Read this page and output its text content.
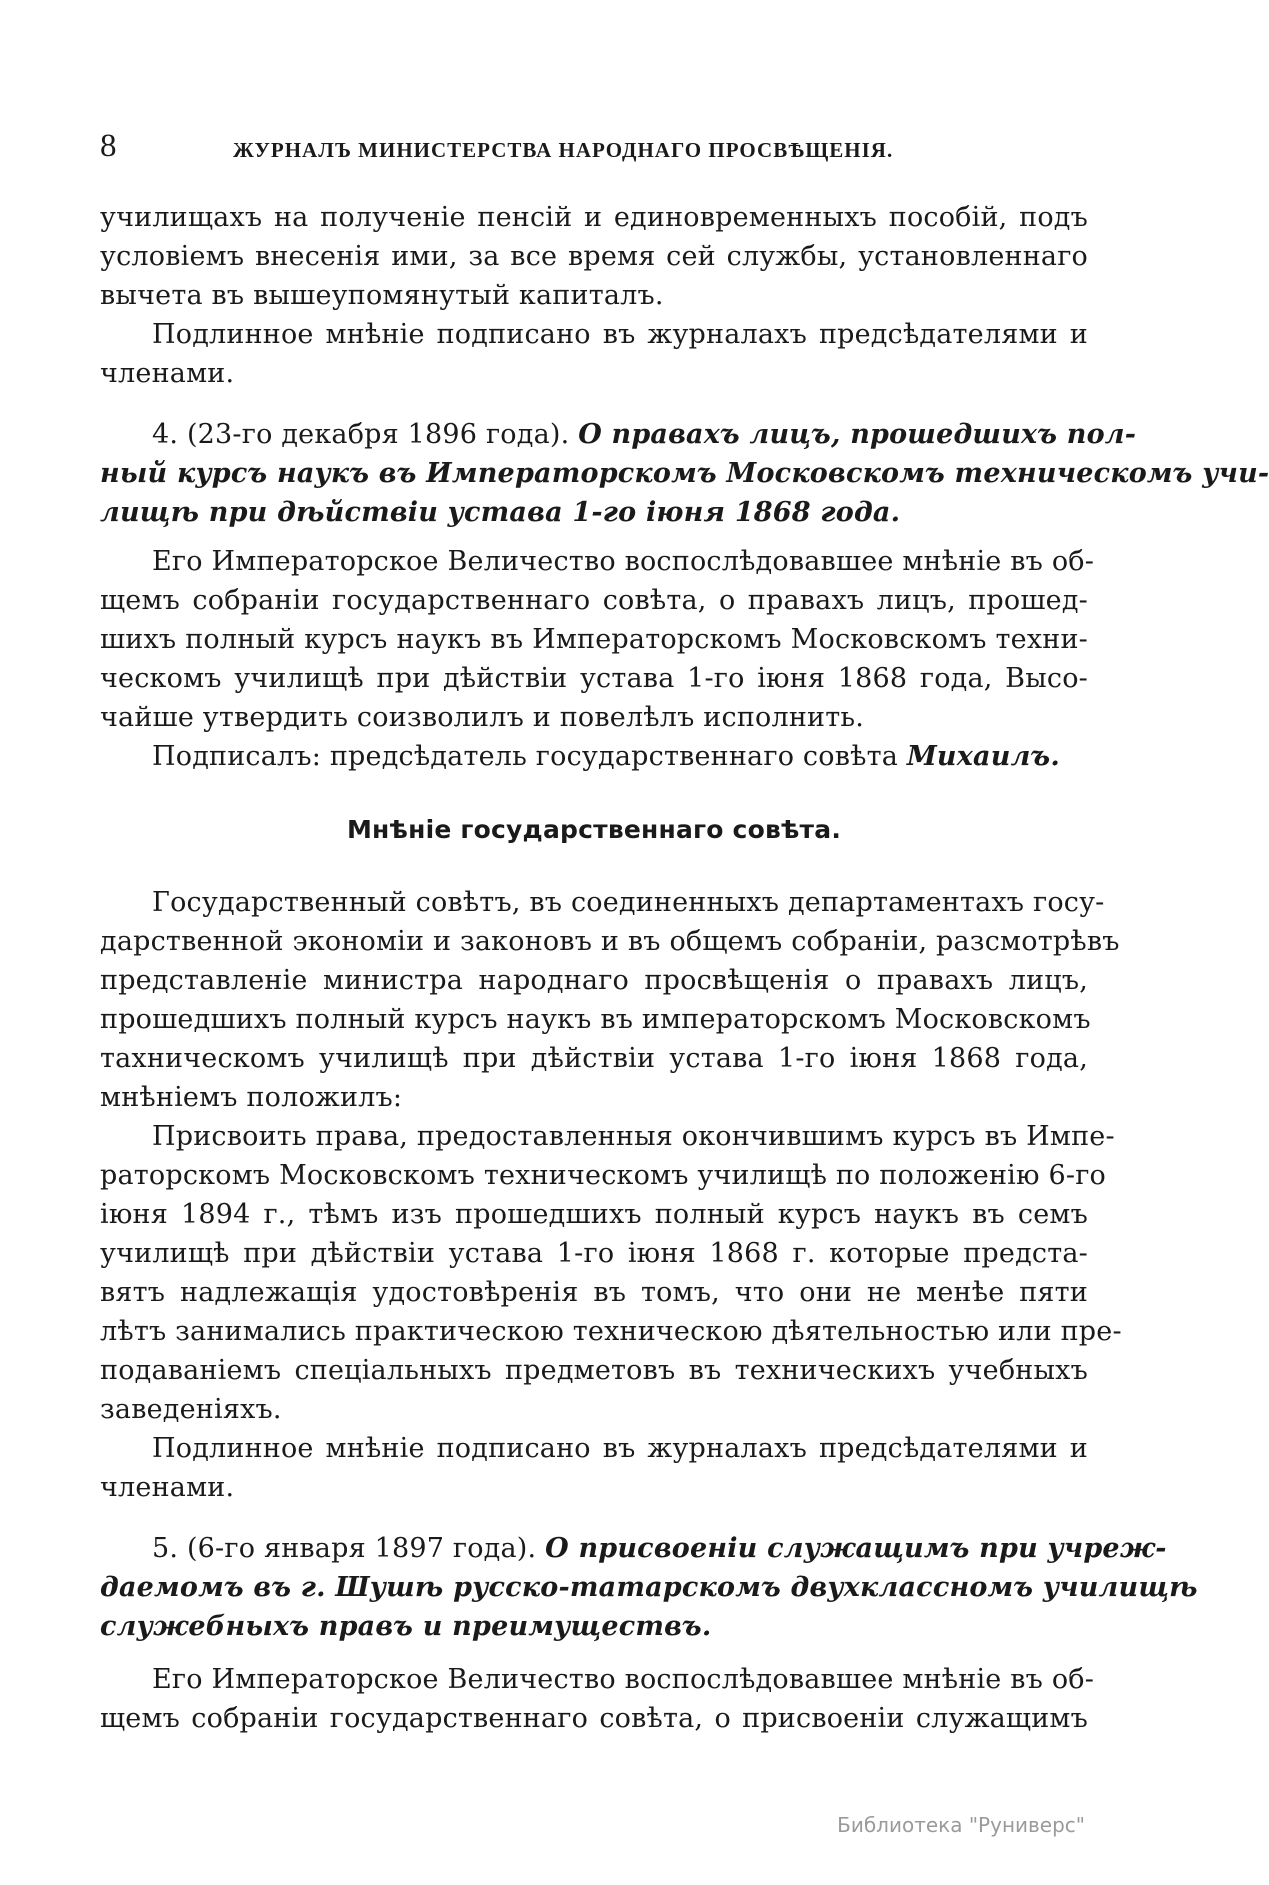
8	ЖУРНАЛЪ МИНИСТЕРСТВА НАРОДНАГО ПРОСВѢЩЕНІЯ.
училищахъ на полученіе пенсій и единовременныхъ пособій, подъ
условіемъ внесенія ими, за все время сей службы, установленнаго
вычета въ вышеупомянутый капиталъ.
Подлинное мнѣніе подписано въ журналахъ предсѣдателями и
членами.
4. (23-го декабря 1896 года). О правахъ лицъ, прошедшихъ пол-
ный курсъ наукъ въ Императорскомъ Московскомъ техническомъ учи-
лищѣ при дѣйствіи устава 1-го іюня 1868 года.
Его Императорское Величество воспослѣдовавшее мнѣніе въ об-
щемъ собраніи государственнаго совѣта, о правахъ лицъ, прошед-
шихъ полный курсъ наукъ въ Императорскомъ Московскомъ техни-
ческомъ училищѣ при дѣйствіи устава 1-го іюня 1868 года, Высо-
чайше утвердить соизволилъ и повелѣлъ исполнить.
Подписалъ: предсѣдатель государственнаго совѣта Михаилъ.
Мнѣніе государственнаго совѣта.
Государственный совѣтъ, въ соединенныхъ департаментахъ госу-
дарственной экономіи и законовъ и въ общемъ собраніи, разсмотрѣвъ
представленіе министра народнаго просвѣщенія о правахъ лицъ,
прошедшихъ полный курсъ наукъ въ императорскомъ Московскомъ
тахническомъ училищѣ при дѣйствіи устава 1-го іюня 1868 года,
мнѣніемъ положилъ:
Присвоить права, предоставленныя окончившимъ курсъ въ Импе-
раторскомъ Московскомъ техническомъ училищѣ по положенію 6-го
іюня 1894 г., тѣмъ изъ прошедшихъ полный курсъ наукъ въ семъ
училищѣ при дѣйствіи устава 1-го іюня 1868 г. которые предста-
вятъ надлежащія удостовѣренія въ томъ, что они не менѣе пяти
лѣтъ занимались практическою техническою дѣятельностью или пре-
подаваніемъ спеціальныхъ предметовъ въ техническихъ учебныхъ
заведеніяхъ.
Подлинное мнѣніе подписано въ журналахъ предсѣдателями и
членами.
5. (6-го января 1897 года). О присвоеніи служащимъ при учреж-
даемомъ въ г. Шушѣ русско-татарскомъ двухклассномъ училищѣ
служебныхъ правъ и преимуществъ.
Его Императорское Величество воспослѣдовавшее мнѣніе въ об-
щемъ собраніи государственнаго совѣта, о присвоеніи служащимъ
Библиотека "Руниверс"
